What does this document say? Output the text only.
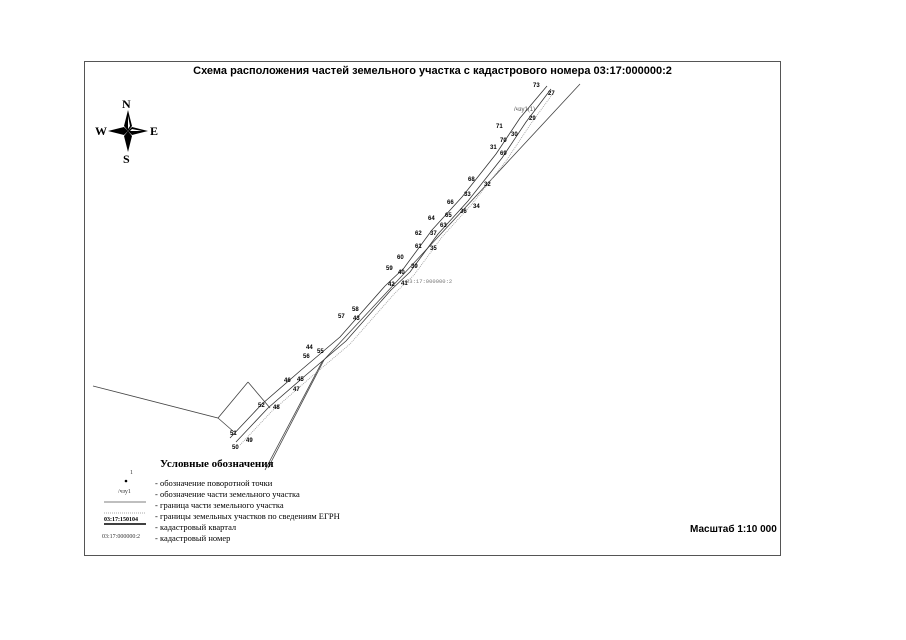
Схема расположения частей земельного участка с кадастрового номера 03:17:000000:2
73
27
29
71
30
70
31
69
68
32
33
66
34
65
36
64
63
62 37
61 35
60
39
40
59
42 41
58
57 43
44
55
56
46 45
47
52 48
51
49
50
/чзу1(1)
03:17:000000:2
N
S
W	E
Условные обозначения
1
/чзу1
03:17:150104
03:17:000000:2
- обозначение поворотной точки
- обозначение части земельного участка
- граница части земельного участка
- границы земельных участков по сведениям ЕГРН
- кадастровый квартал
- кадастровый номер
Масштаб 1:10 000
